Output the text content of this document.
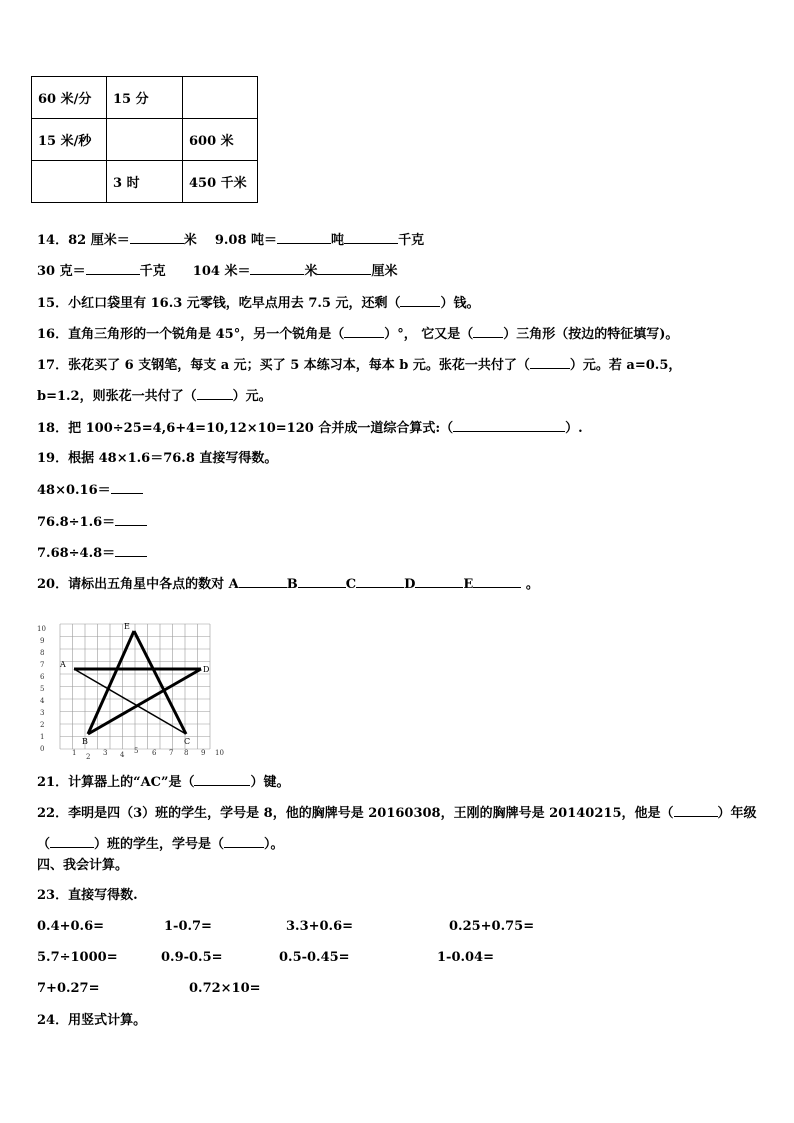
60 米/分	15 分	
15 米/秒		600 米
	3 时	450 千米
14．82 厘米＝	米 9.08 吨＝	吨	千克
30 克＝	千克 104 米＝	米	厘米
15．小红口袋里有 16.3 元零钱，吃早点用去 7.5 元，还剩（	）钱。
16．直角三角形的一个锐角是 45°，另一个锐角是（	）°， 它又是（ ）三角形（按边的特征填写)。
17．张花买了 6 支钢笔，每支 a 元；买了 5 本练习本，每本 b 元。张花一共付了（	）元。若 a=0.5，
b=1.2，则张花一共付了（	）元。
18．把 100÷25=4,6+4=10,12×10=120 合并成一道综合算式:（	）.
19．根据 48×1.6＝76.8 直接写得数。
48×0.16＝
76.8÷1.6＝
7.68÷4.8＝
20．请标出五角星中各点的数对 A	B	C	D	E	。
0
1
2
3
4
5
6
7
8
9
10
1 2 3 4 5 6 7 8 9 10
A
B	C
D
E
21．计算器上的“AC”是（	）键。
22．李明是四（3）班的学生，学号是 8，他的胸牌号是 20160308，王刚的胸牌号是 20140215，他是（	）年级
（	）班的学生，学号是（	）。
四、我会计算。
23．直接写得数.
0.4+0.6=	1-0.7=	3.3+0.6=	0.25+0.75=
5.7÷1000=	0.9-0.5=	0.5-0.45=	1-0.04=
7+0.27=	0.72×10=
24．用竖式计算。
